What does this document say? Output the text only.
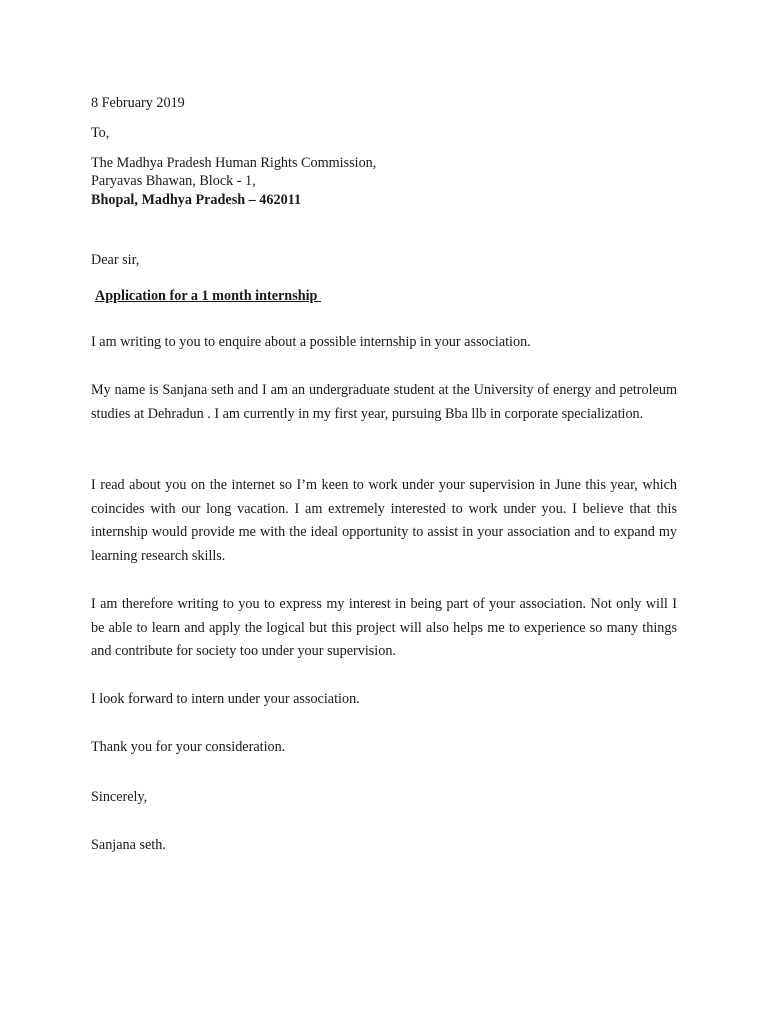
8 February 2019
To,
The Madhya Pradesh Human Rights Commission,
Paryavas Bhawan, Block - 1,
Bhopal, Madhya Pradesh – 462011
Dear sir,
Application for a 1 month internship
I am writing to you to enquire about a possible internship in your association.
My name is Sanjana seth and I am an undergraduate student at the University of energy and petroleum studies at Dehradun . I am currently in my first year, pursuing Bba llb in corporate specialization.
I read about you on the internet so I’m keen to work under your supervision in June this year, which coincides with our long vacation. I am extremely interested to work under you. I believe that this internship would provide me with the ideal opportunity to assist in your association and to expand my learning research skills.
I am therefore writing to you to express my interest in being part of your association. Not only will I be able to learn and apply the logical but this project will also helps me to experience so many things and contribute for society too under your supervision.
I look forward to intern under your association.
Thank you for your consideration.
Sincerely,
Sanjana seth.
